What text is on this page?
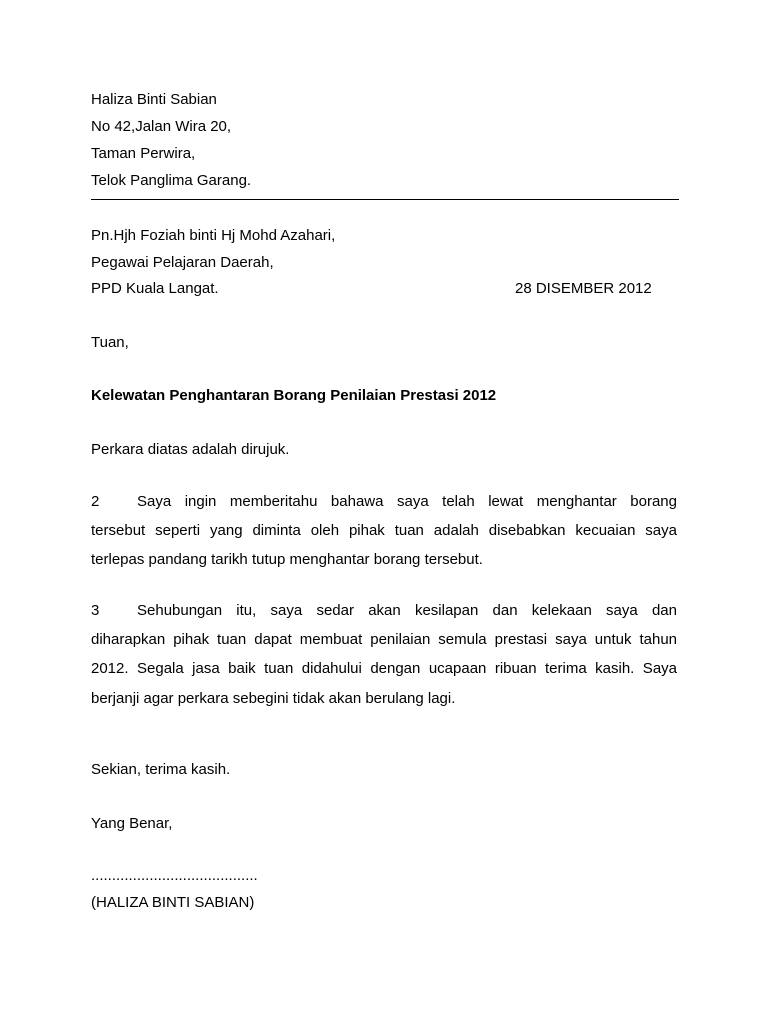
Haliza Binti Sabian
No 42,Jalan Wira 20,
Taman Perwira,
Telok Panglima Garang.
Pn.Hjh Foziah binti Hj Mohd Azahari,
Pegawai Pelajaran Daerah,
PPD Kuala Langat.	28 DISEMBER 2012
Tuan,
Kelewatan Penghantaran Borang Penilaian Prestasi 2012
Perkara diatas adalah dirujuk.
2	Saya ingin memberitahu bahawa saya telah lewat menghantar borang
tersebut seperti yang diminta oleh pihak tuan adalah disebabkan kecuaian saya
terlepas pandang tarikh tutup menghantar borang tersebut.
3	Sehubungan itu, saya sedar akan kesilapan dan kelekaan saya dan
diharapkan pihak tuan dapat membuat penilaian semula prestasi saya untuk tahun
2012. Segala jasa baik tuan didahului dengan ucapaan ribuan terima kasih. Saya
berjanji agar perkara sebegini tidak akan berulang lagi.
Sekian, terima kasih.
Yang Benar,
........................................
(HALIZA BINTI SABIAN)
